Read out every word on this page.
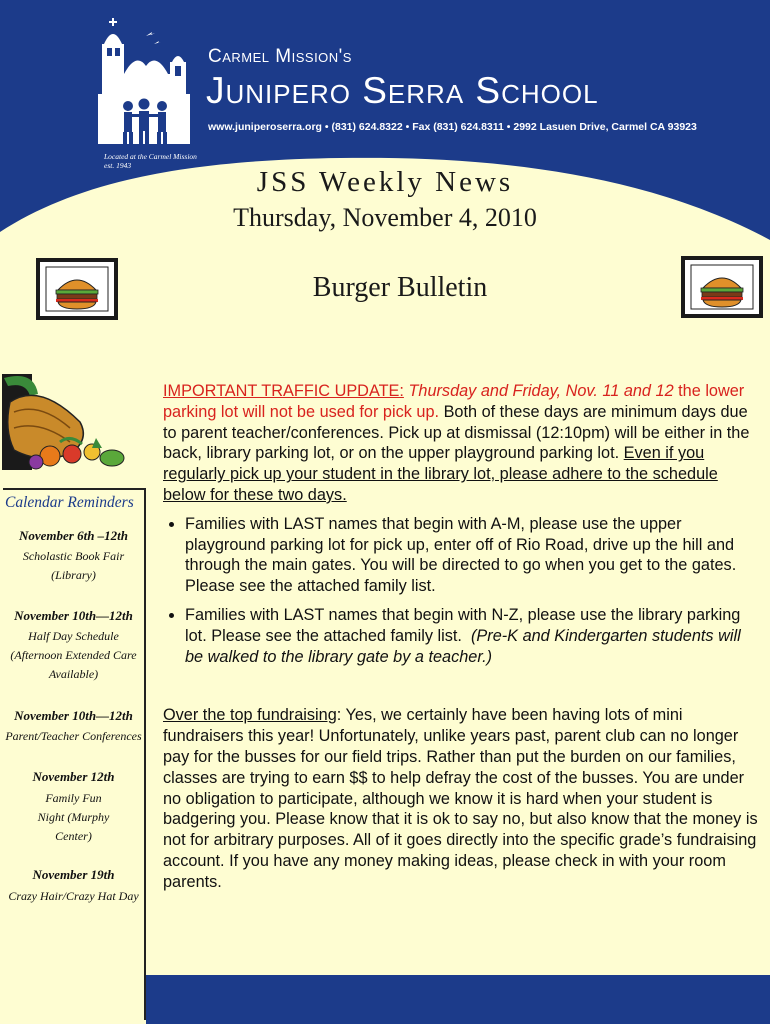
Located at the Carmel Mission
est. 1943
Carmel Mission's
Junipero Serra School
www.juniperoserra.org • (831) 624.8322 • Fax (831) 624.8311 • 2992 Lasuen Drive, Carmel CA 93923
JSS Weekly News
Thursday, November 4, 2010
Burger Bulletin
Calendar Reminders
November 6th –12th
Scholastic Book Fair (Library)
November 10th—12th
Half Day Schedule (Afternoon Extended Care Available)
November 10th—12th
Parent/Teacher Conferences
November 12th
Family Fun Night (Murphy Center)
November 19th
Crazy Hair/Crazy Hat Day

IMPORTANT TRAFFIC UPDATE: Thursday and Friday, Nov. 11 and 12 the lower parking lot will not be used for pick up. Both of these days are minimum days due to parent teacher/conferences. Pick up at dismissal (12:10pm) will be either in the back, library parking lot, or on the upper playground parking lot. Even if you regularly pick up your student in the library lot, please adhere to the schedule below for these two days.

• Families with LAST names that begin with A-M, please use the upper playground parking lot for pick up, enter off of Rio Road, drive up the hill and through the main gates. You will be directed to go when you get to the gates. Please see the attached family list.
• Families with LAST names that begin with N-Z, please use the library parking lot. Please see the attached family list. (Pre-K and Kindergarten students will be walked to the library gate by a teacher.)

Over the top fundraising: Yes, we certainly have been having lots of mini fundraisers this year! Unfortunately, unlike years past, parent club can no longer pay for the busses for our field trips. Rather than put the burden on our families, classes are trying to earn $$ to help defray the cost of the busses. You are under no obligation to participate, although we know it is hard when your student is badgering you. Please know that it is ok to say no, but also know that the money is not for arbitrary purposes. All of it goes directly into the specific grade’s fundraising account. If you have any money making ideas, please check in with your room parents.
